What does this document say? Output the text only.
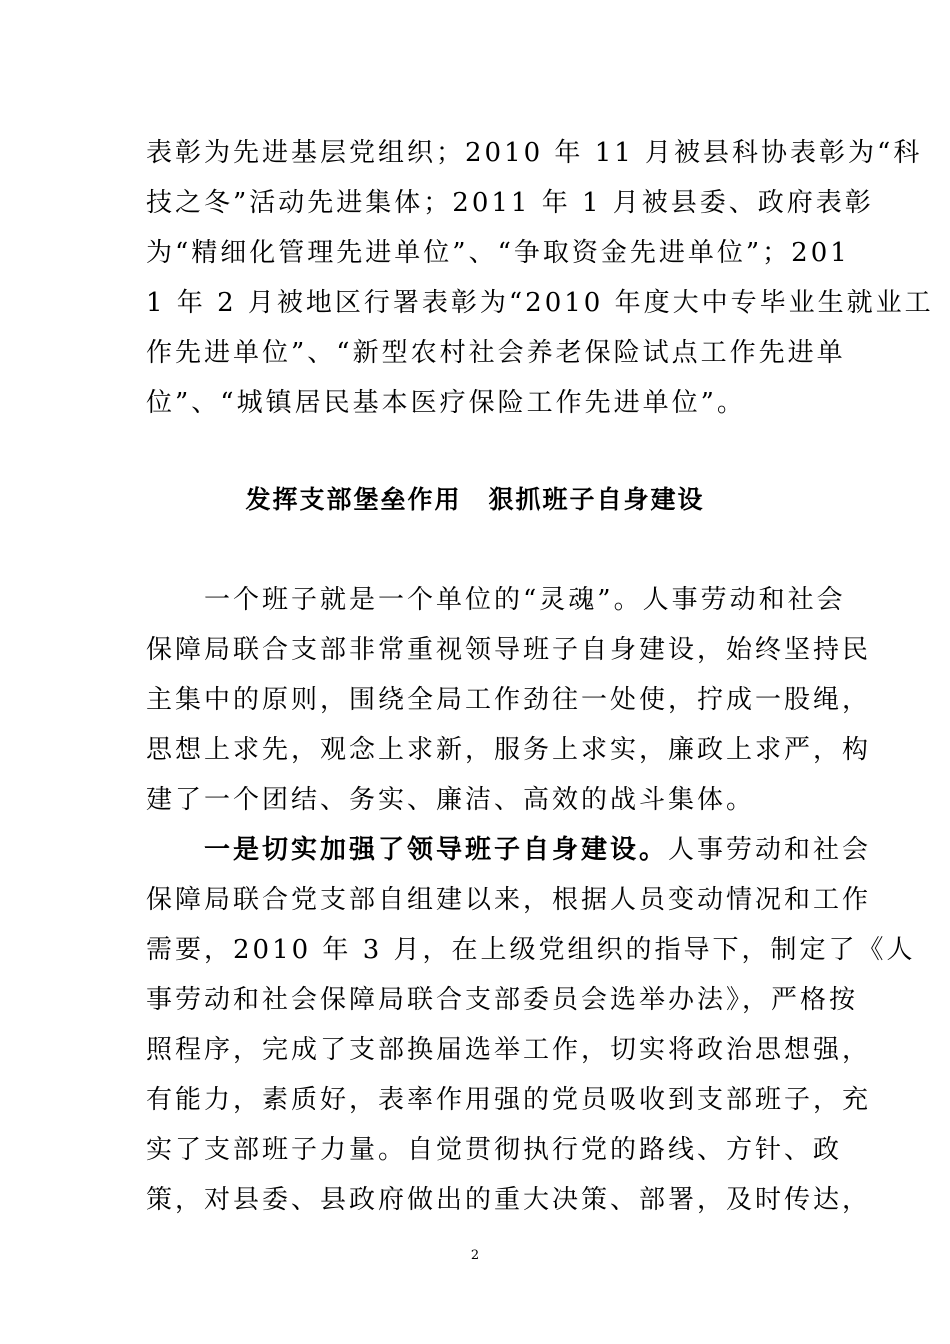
表彰为先进基层党组织；2010 年 11 月被县科协表彰为“科
技之冬”活动先进集体；2011 年 1 月被县委、政府表彰
为“精细化管理先进单位”、“争取资金先进单位”；201
1 年 2 月被地区行署表彰为“2010 年度大中专毕业生就业工
作先进单位”、“新型农村社会养老保险试点工作先进单
位”、“城镇居民基本医疗保险工作先进单位”。
发挥支部堡垒作用　狠抓班子自身建设
　　一个班子就是一个单位的“灵魂”。人事劳动和社会
保障局联合支部非常重视领导班子自身建设，始终坚持民
主集中的原则，围绕全局工作劲往一处使，拧成一股绳，
思想上求先，观念上求新，服务上求实，廉政上求严，构
建了一个团结、务实、廉洁、高效的战斗集体。
　　一是切实加强了领导班子自身建设。人事劳动和社会
保障局联合党支部自组建以来，根据人员变动情况和工作
需要，2010 年 3 月，在上级党组织的指导下，制定了《人
事劳动和社会保障局联合支部委员会选举办法》，严格按
照程序，完成了支部换届选举工作，切实将政治思想强，
有能力，素质好，表率作用强的党员吸收到支部班子，充
实了支部班子力量。自觉贯彻执行党的路线、方针、政
策，对县委、县政府做出的重大决策、部署，及时传达，
2
